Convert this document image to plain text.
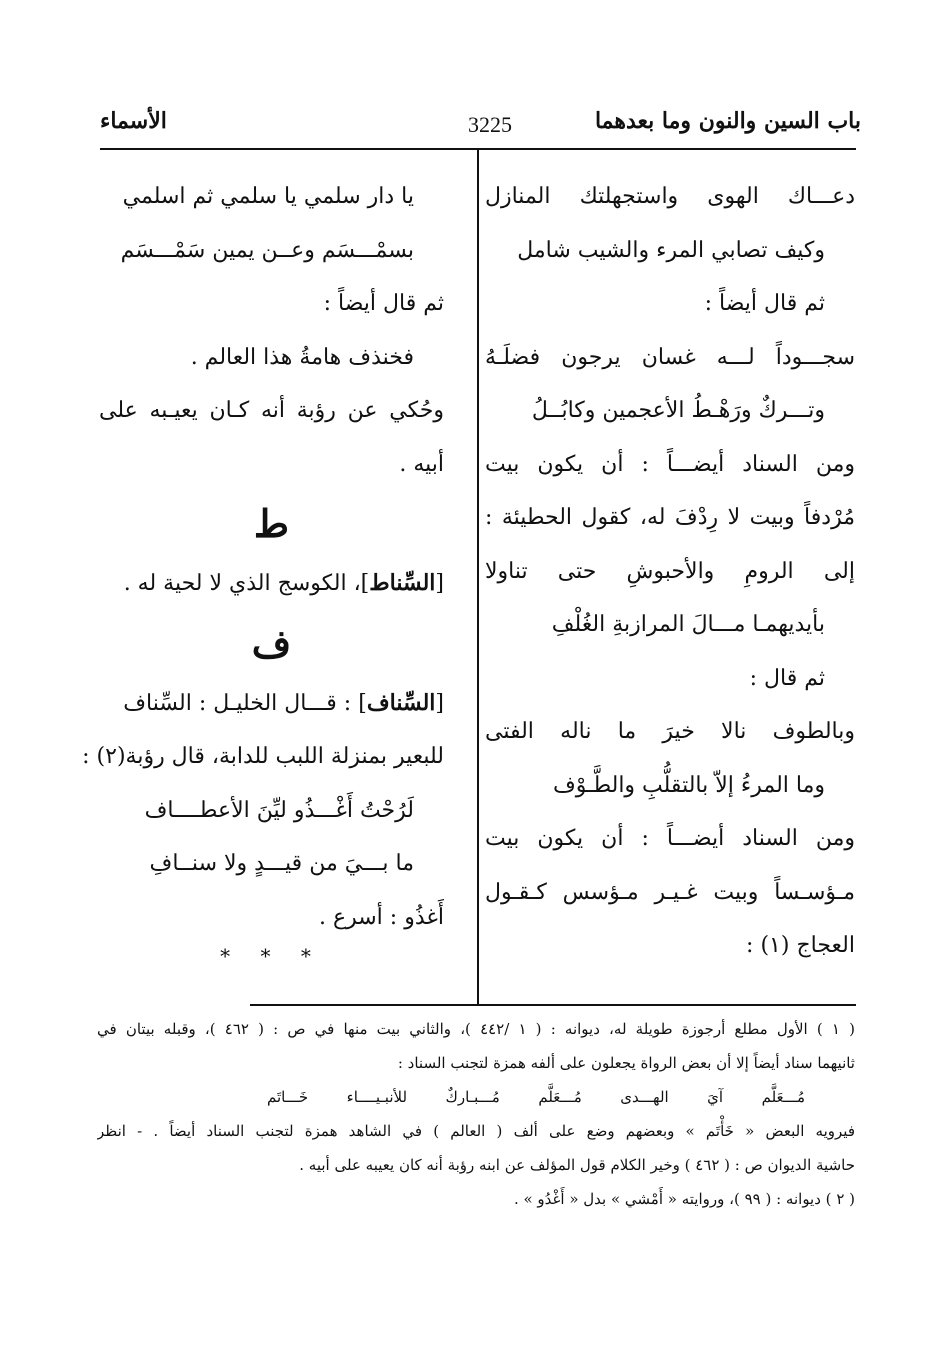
باب السين والنون وما بعدهما
3225
الأسماء
دعـــاك الهوى واستجهلتك المنازل
وكيف تصابي المرء والشيب شامل
ثم قال أيضاً :
سجـــوداً لـــه غسان يرجون فضلَـهُ
وتـــركٌ ورَهْـطُ الأعجمين وكابُــلُ
ومن السناد أيضـــاً : أن يكون بيت
مُرْدفاً وبيت لا رِدْفَ له، كقول الحطيئة :
إلى الرومِ والأحبوشِ حتى تناولا
بأيديهمـا مـــالَ المرازبةِ الغُلْفِ
ثم قال :
وبالطوف نالا خيرَ ما ناله الفتى
وما المرءُ إلاّ بالتقلُّبِ والطَّـوْف
ومن السناد أيضـــاً : أن يكون بيت
مـؤسـساً وبيت غـيـر مـؤسس كـقـول
العجاج (١) :
يا دار سلمي يا سلمي ثم اسلمي
بسمْـــسَم وعــن يمين سَمْـــسَم
ثم قال أيضاً :
فخنذف هامةُ هذا العالم .
وحُكي عن رؤبة أنه كـان يعيـبه على
أبيه .
ط
[السِّناط]، الكوسج الذي لا لحية له .
ف
[السِّناف] : قـــال الخليـل : السِّناف
للبعير بمنزلة اللبب للدابة، قال رؤبة(٢) :
لَرُحْتُ أَغْـــذُو ليِّنَ الأعطــــاف
ما بـــيَ من قيـــدٍ ولا سنــافِ
أَغذُو : أسرع .
* * *
( ١ ) الأول مطلع أرجوزة طويلة له، ديوانه : ( ١ /٤٤٢ )، والثاني بيت منها في ص : ( ٤٦٢ )، وقبله بيتان في
ثانيهما سناد أيضاً إلا أن بعض الرواة يجعلون على ألفه همزة لتجنب السناد :
مُـــعَلَّم آيَ الهـــدى مُـــعَلَّم مُـــبـاركٌ للأنبـيــــاء خَـــاتَم
فيرويه البعض « خَأْتَم » وبعضهم وضع على ألف ( العالم ) في الشاهد همزة لتجنب السناد أيضاً . - انظر
حاشية الديوان ص : ( ٤٦٢ ) وخير الكلام قول المؤلف عن ابنه رؤبة أنه كان يعيبه على أبيه .
( ٢ ) ديوانه : ( ٩٩ )، وروايته « أَمْشي » بدل « أَغْدُو » .
